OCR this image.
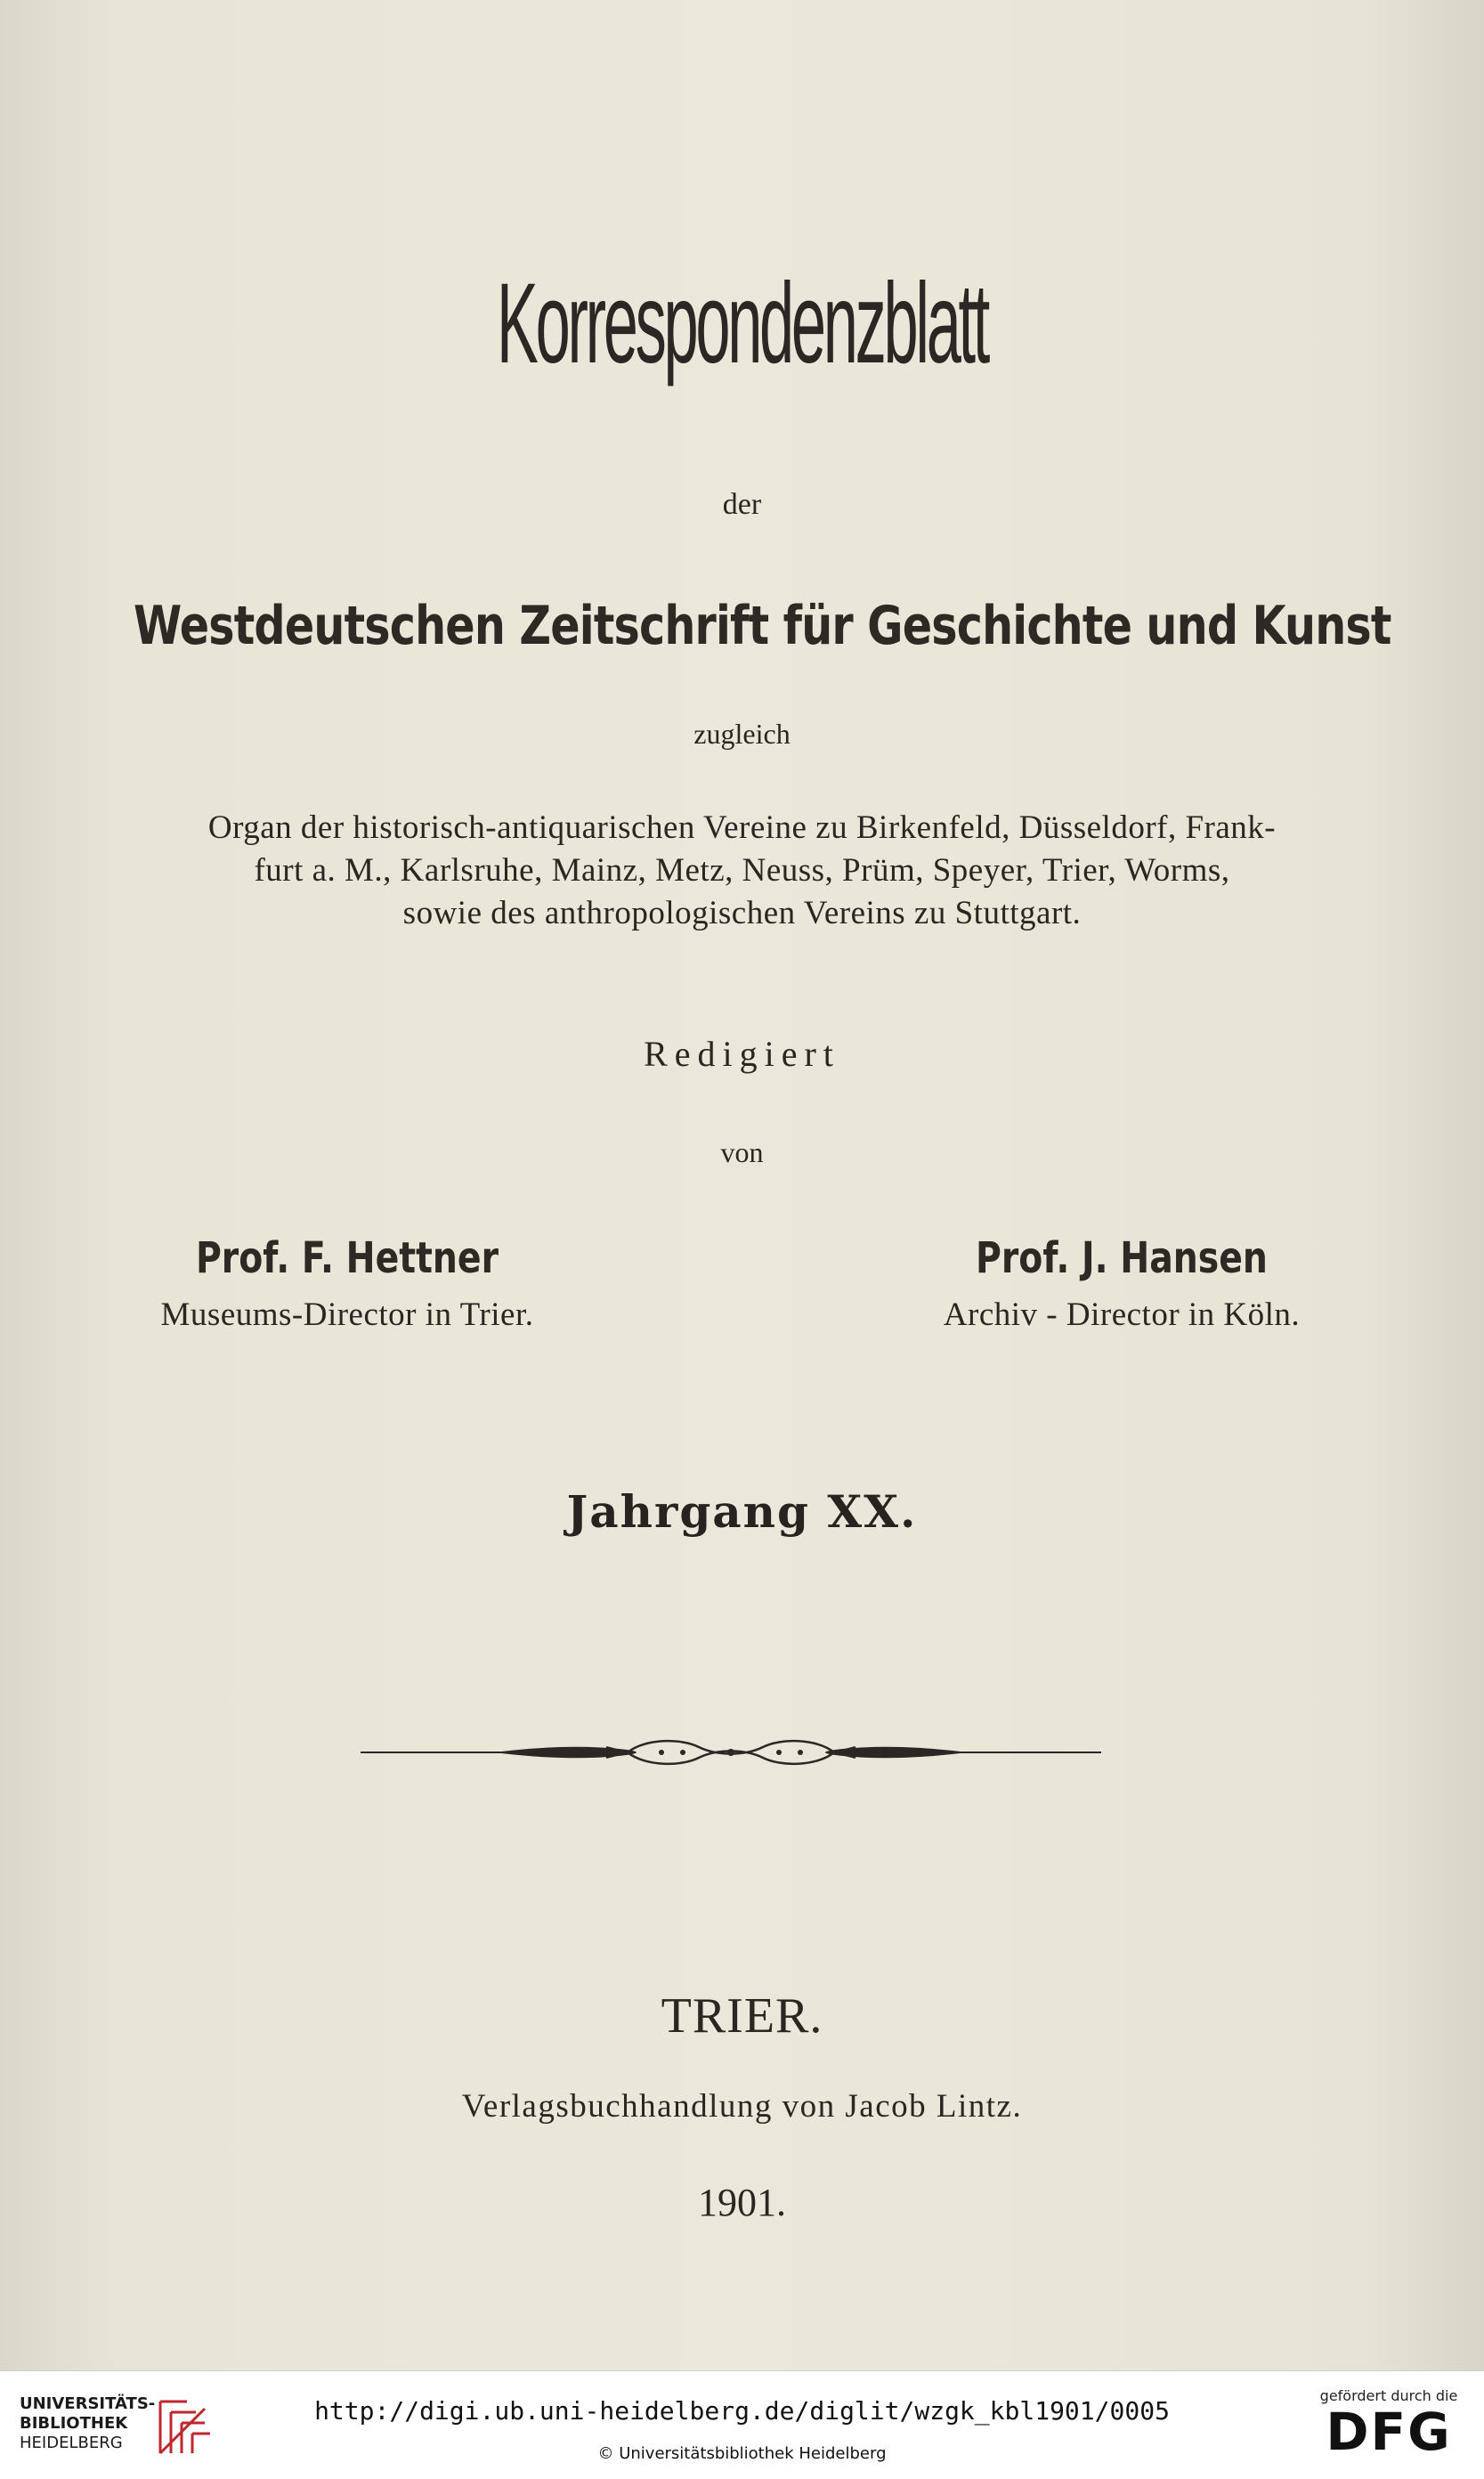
Korrespondenzblatt
der
Westdeutschen Zeitschrift für Geschichte und Kunst
zugleich
Organ der historisch-antiquarischen Vereine zu Birkenfeld, Düsseldorf, Frank-
furt a. M., Karlsruhe, Mainz, Metz, Neuss, Prüm, Speyer, Trier, Worms,
sowie des anthropologischen Vereins zu Stuttgart.
Redigiert
von
Prof. F. Hettner
Museums-Director in Trier.
Prof. J. Hansen
Archiv - Director in Köln.
Jahrgang XX.
TRIER.
Verlagsbuchhandlung von Jacob Lintz.
1901.
UNIVERSITÄTS-
BIBLIOTHEK
HEIDELBERG
http://digi.ub.uni-heidelberg.de/diglit/wzgk_kbl1901/0005
© Universitätsbibliothek Heidelberg
gefördert durch die
DFG
